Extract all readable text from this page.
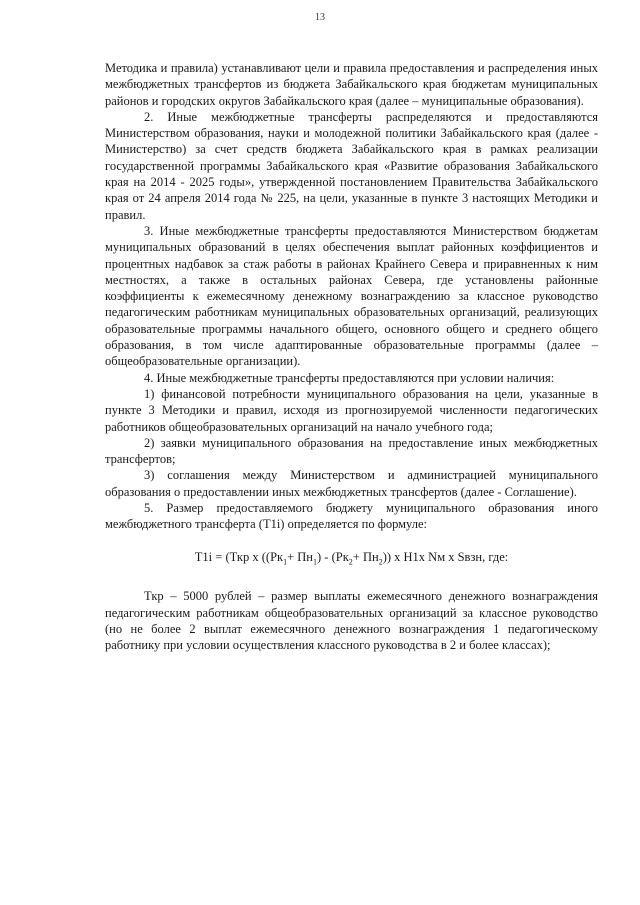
13

Методика и правила) устанавливают цели и правила предоставления и распределения иных межбюджетных трансфертов из бюджета Забайкальского края бюджетам муниципальных районов и городских округов Забайкальского края (далее – муниципальные образования).

2. Иные межбюджетные трансферты распределяются и предоставляются Министерством образования, науки и молодежной политики Забайкальского края (далее - Министерство) за счет средств бюджета Забайкальского края в рамках реализации государственной программы Забайкальского края «Развитие образования Забайкальского края на 2014 - 2025 годы», утвержденной постановлением Правительства Забайкальского края от 24 апреля 2014 года № 225, на цели, указанные в пункте 3 настоящих Методики и правил.

3. Иные межбюджетные трансферты предоставляются Министерством бюджетам муниципальных образований в целях обеспечения выплат районных коэффициентов и процентных надбавок за стаж работы в районах Крайнего Севера и приравненных к ним местностях, а также в остальных районах Севера, где установлены районные коэффициенты к ежемесячному денежному вознаграждению за классное руководство педагогическим работникам муниципальных образовательных организаций, реализующих образовательные программы начального общего, основного общего и среднего общего образования, в том числе адаптированные образовательные программы (далее – общеобразовательные организации).

4. Иные межбюджетные трансферты предоставляются при условии наличия:

1) финансовой потребности муниципального образования на цели, указанные в пункте 3 Методики и правил, исходя из прогнозируемой численности педагогических работников общеобразовательных организаций на начало учебного года;

2) заявки муниципального образования на предоставление иных межбюджетных трансфертов;

3) соглашения между Министерством и администрацией муниципального образования о предоставлении иных межбюджетных трансфертов (далее - Соглашение).

5. Размер предоставляемого бюджету муниципального образования иного межбюджетного трансферта (T1i) определяется по формуле:

T1i = (Ткр x $((Рк_1+ Пн_1) - (Рк_2+ Пн_2))$ x Н1x Nм x Sвзн, где:

Ткр – 5000 рублей – размер выплаты ежемесячного денежного вознаграждения педагогическим работникам общеобразовательных организаций за классное руководство (но не более 2 выплат ежемесячного денежного вознаграждения 1 педагогическому работнику при условии осуществления классного руководства в 2 и более классах);
